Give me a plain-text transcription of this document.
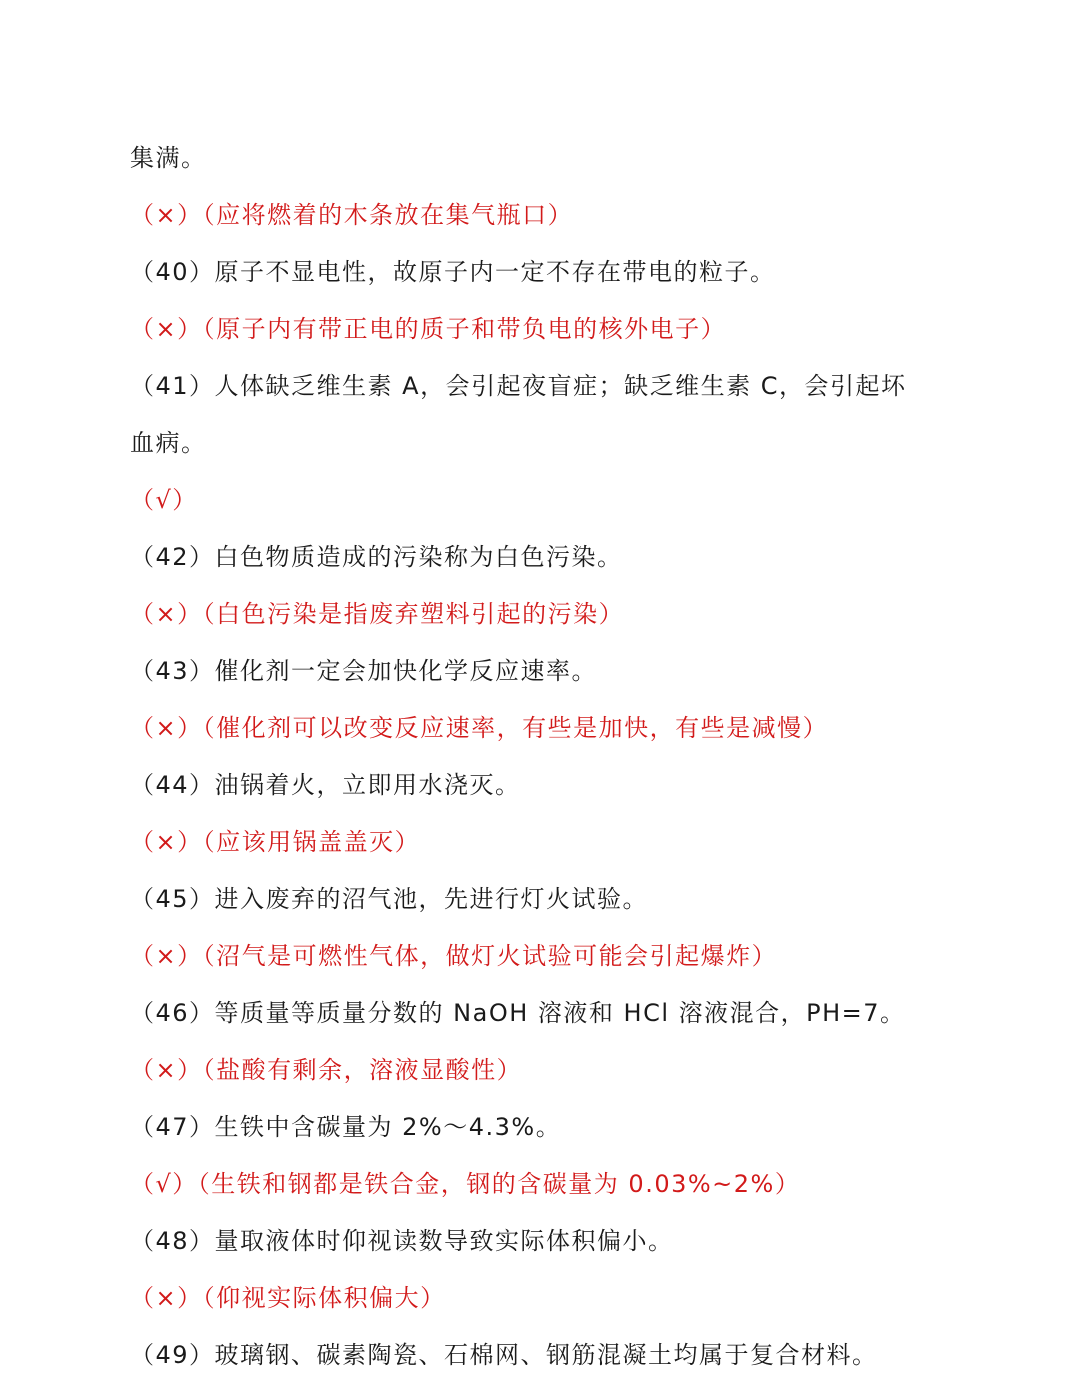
集满。
（×）（应将燃着的木条放在集气瓶口）
（40）原子不显电性，故原子内一定不存在带电的粒子。
（×）（原子内有带正电的质子和带负电的核外电子）
（41）人体缺乏维生素 A，会引起夜盲症；缺乏维生素 C，会引起坏
血病。
（√）
（42）白色物质造成的污染称为白色污染。
（×）（白色污染是指废弃塑料引起的污染）
（43）催化剂一定会加快化学反应速率。
（×）（催化剂可以改变反应速率，有些是加快，有些是减慢）
（44）油锅着火，立即用水浇灭。
（×）（应该用锅盖盖灭）
（45）进入废弃的沼气池，先进行灯火试验。
（×）（沼气是可燃性气体，做灯火试验可能会引起爆炸）
（46）等质量等质量分数的 NaOH 溶液和 HCl 溶液混合，PH=7。
（×）（盐酸有剩余，溶液显酸性）
（47）生铁中含碳量为 2%～4.3%。
（√）（生铁和钢都是铁合金，钢的含碳量为 0.03%~2%）
（48）量取液体时仰视读数导致实际体积偏小。
（×）（仰视实际体积偏大）
（49）玻璃钢、碳素陶瓷、石棉网、钢筋混凝土均属于复合材料。
